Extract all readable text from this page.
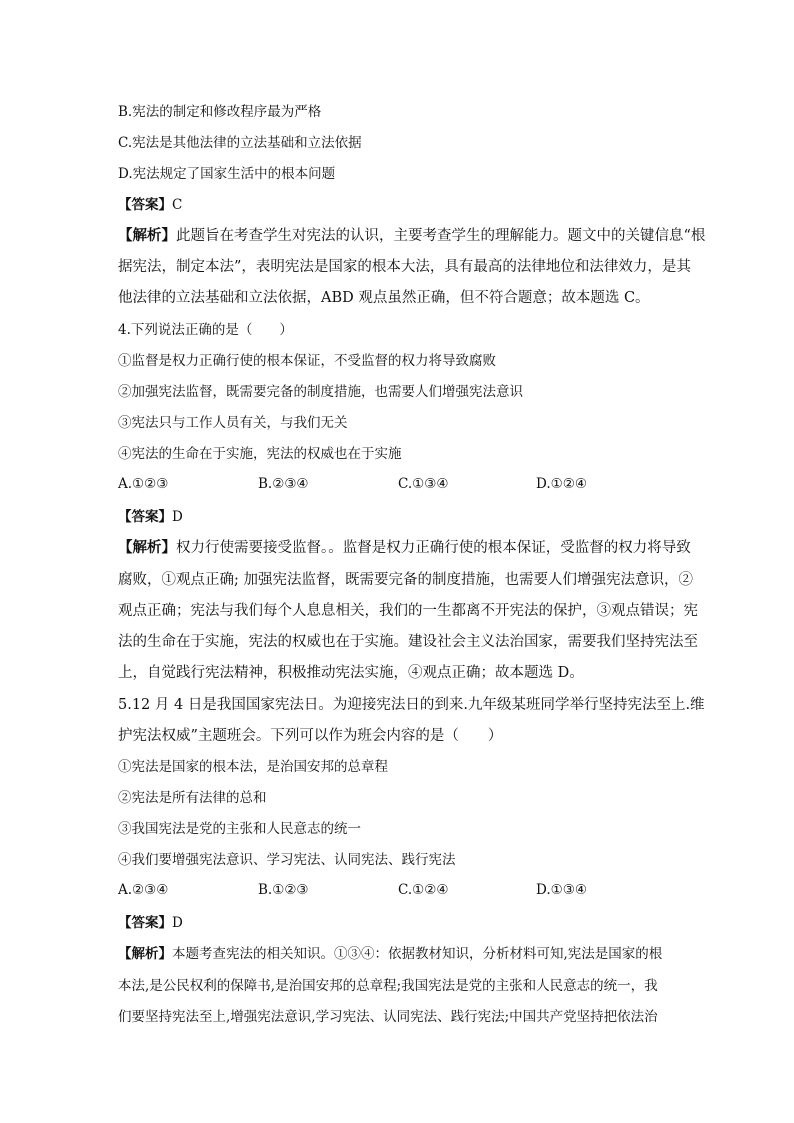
B.宪法的制定和修改程序最为严格
C.宪法是其他法律的立法基础和立法依据
D.宪法规定了国家生活中的根本问题
【答案】C
【解析】此题旨在考查学生对宪法的认识，主要考查学生的理解能力。题文中的关键信息“根
据宪法，制定本法”，表明宪法是国家的根本大法，具有最高的法律地位和法律效力，是其
他法律的立法基础和立法依据，ABD 观点虽然正确，但不符合题意；故本题选 C。
4.下列说法正确的是（　　）
①监督是权力正确行使的根本保证，不受监督的权力将导致腐败
②加强宪法监督，既需要完备的制度措施，也需要人们增强宪法意识
③宪法只与工作人员有关，与我们无关
④宪法的生命在于实施，宪法的权威也在于实施
A.①②③	B.②③④	C.①③④	D.①②④
【答案】D
【解析】权力行使需要接受监督。。监督是权力正确行使的根本保证，受监督的权力将导致
腐败，①观点正确; 加强宪法监督，既需要完备的制度措施，也需要人们增强宪法意识，②
观点正确；宪法与我们每个人息息相关，我们的一生都离不开宪法的保护，③观点错误；宪
法的生命在于实施，宪法的权威也在于实施。建设社会主义法治国家，需要我们坚持宪法至
上，自觉践行宪法精神，积极推动宪法实施，④观点正确；故本题选 D。
5.12 月 4 日是我国国家宪法日。为迎接宪法日的到来.九年级某班同学举行坚持宪法至上.维
护宪法权威”主题班会。下列可以作为班会内容的是（　　）
①宪法是国家的根本法，是治国安邦的总章程
②宪法是所有法律的总和
③我国宪法是党的主张和人民意志的统一
④我们要增强宪法意识、学习宪法、认同宪法、践行宪法
A.②③④	B.①②③	C.①②④	D.①③④
【答案】D
【解析】本题考查宪法的相关知识。①③④：依据教材知识，分析材料可知,宪法是国家的根
本法,是公民权利的保障书,是治国安邦的总章程;我国宪法是党的主张和人民意志的统一，我
们要坚持宪法至上,增强宪法意识,学习宪法、认同宪法、践行宪法;中国共产党坚持把依法治
